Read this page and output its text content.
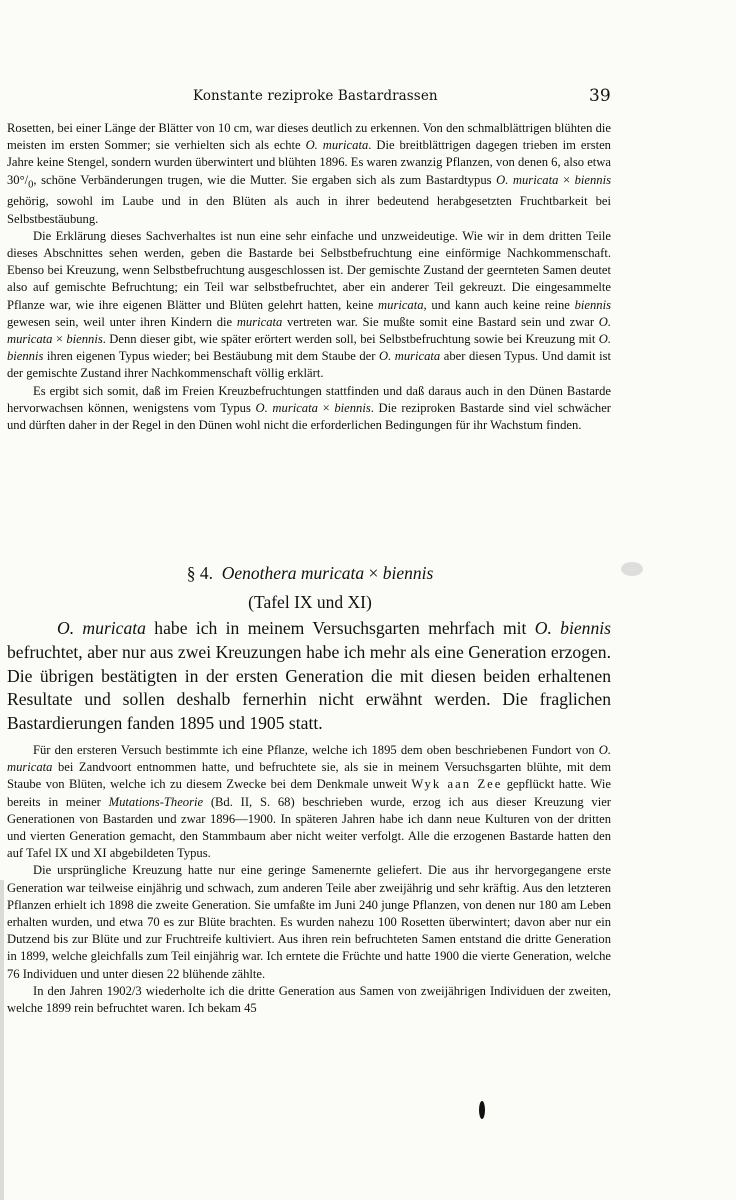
Konstante reziproke Bastardrassen	39

Rosetten, bei einer Länge der Blätter von 10 cm, war dieses deutlich zu erkennen. Von den schmalblättrigen blühten die meisten im ersten Sommer; sie verhielten sich als echte O. muricata. Die breitblättrigen dagegen trieben im ersten Jahre keine Stengel, sondern wurden überwintert und blühten 1896. Es waren zwanzig Pflanzen, von denen 6, also etwa $30^\circ/_0$, schöne Verbänderungen trugen, wie die Mutter. Sie ergaben sich als zum Bastardtypus O. muricata × biennis gehörig, sowohl im Laube und in den Blüten als auch in ihrer bedeutend herabgesetzten Fruchtbarkeit bei Selbstbestäubung.

Die Erklärung dieses Sachverhaltes ist nun eine sehr einfache und unzweideutige. Wie wir in dem dritten Teile dieses Abschnittes sehen werden, geben die Bastarde bei Selbstbefruchtung eine einförmige Nachkommenschaft. Ebenso bei Kreuzung, wenn Selbstbefruchtung ausgeschlossen ist. Der gemischte Zustand der geernteten Samen deutet also auf gemischte Befruchtung; ein Teil war selbstbefruchtet, aber ein anderer Teil gekreuzt. Die eingesammelte Pflanze war, wie ihre eigenen Blätter und Blüten gelehrt hatten, keine muricata, und kann auch keine reine biennis gewesen sein, weil unter ihren Kindern die muricata vertreten war. Sie mußte somit eine Bastard sein und zwar O. muricata × biennis. Denn dieser gibt, wie später erörtert werden soll, bei Selbstbefruchtung sowie bei Kreuzung mit O. biennis ihren eigenen Typus wieder; bei Bestäubung mit dem Staube der O. muricata aber diesen Typus. Und damit ist der gemischte Zustand ihrer Nachkommenschaft völlig erklärt.

Es ergibt sich somit, daß im Freien Kreuzbefruchtungen stattfinden und daß daraus auch in den Dünen Bastarde hervorwachsen können, wenigstens vom Typus O. muricata × biennis. Die reziproken Bastarde sind viel schwächer und dürften daher in der Regel in den Dünen wohl nicht die erforderlichen Bedingungen für ihr Wachstum finden.

§ 4. Oenothera muricata × biennis
(Tafel IX und XI)

O. muricata habe ich in meinem Versuchsgarten mehrfach mit O. biennis befruchtet, aber nur aus zwei Kreuzungen habe ich mehr als eine Generation erzogen. Die übrigen bestätigten in der ersten Generation die mit diesen beiden erhaltenen Resultate und sollen deshalb fernerhin nicht erwähnt werden. Die fraglichen Bastardierungen fanden 1895 und 1905 statt.

Für den ersteren Versuch bestimmte ich eine Pflanze, welche ich 1895 dem oben beschriebenen Fundort von O. muricata bei Zandvoort entnommen hatte, und befruchtete sie, als sie in meinem Versuchsgarten blühte, mit dem Staube von Blüten, welche ich zu diesem Zwecke bei dem Denkmale unweit Wyk aan Zee gepflückt hatte. Wie bereits in meiner Mutations-Theorie (Bd. II, S. 68) beschrieben wurde, erzog ich aus dieser Kreuzung vier Generationen von Bastarden und zwar 1896—1900. In späteren Jahren habe ich dann neue Kulturen von der dritten und vierten Generation gemacht, den Stammbaum aber nicht weiter verfolgt. Alle die erzogenen Bastarde hatten den auf Tafel IX und XI abgebildeten Typus.

Die ursprüngliche Kreuzung hatte nur eine geringe Samenernte geliefert. Die aus ihr hervorgegangene erste Generation war teilweise einjährig und schwach, zum anderen Teile aber zweijährig und sehr kräftig. Aus den letzteren Pflanzen erhielt ich 1898 die zweite Generation. Sie umfaßte im Juni 240 junge Pflanzen, von denen nur 180 am Leben erhalten wurden, und etwa 70 es zur Blüte brachten. Es wurden nahezu 100 Rosetten überwintert; davon aber nur ein Dutzend bis zur Blüte und zur Fruchtreife kultiviert. Aus ihren rein befruchteten Samen entstand die dritte Generation in 1899, welche gleichfalls zum Teil einjährig war. Ich erntete die Früchte und hatte 1900 die vierte Generation, welche 76 Individuen und unter diesen 22 blühende zählte.

In den Jahren 1902/3 wiederholte ich die dritte Generation aus Samen von zweijährigen Individuen der zweiten, welche 1899 rein befruchtet waren. Ich bekam 45
